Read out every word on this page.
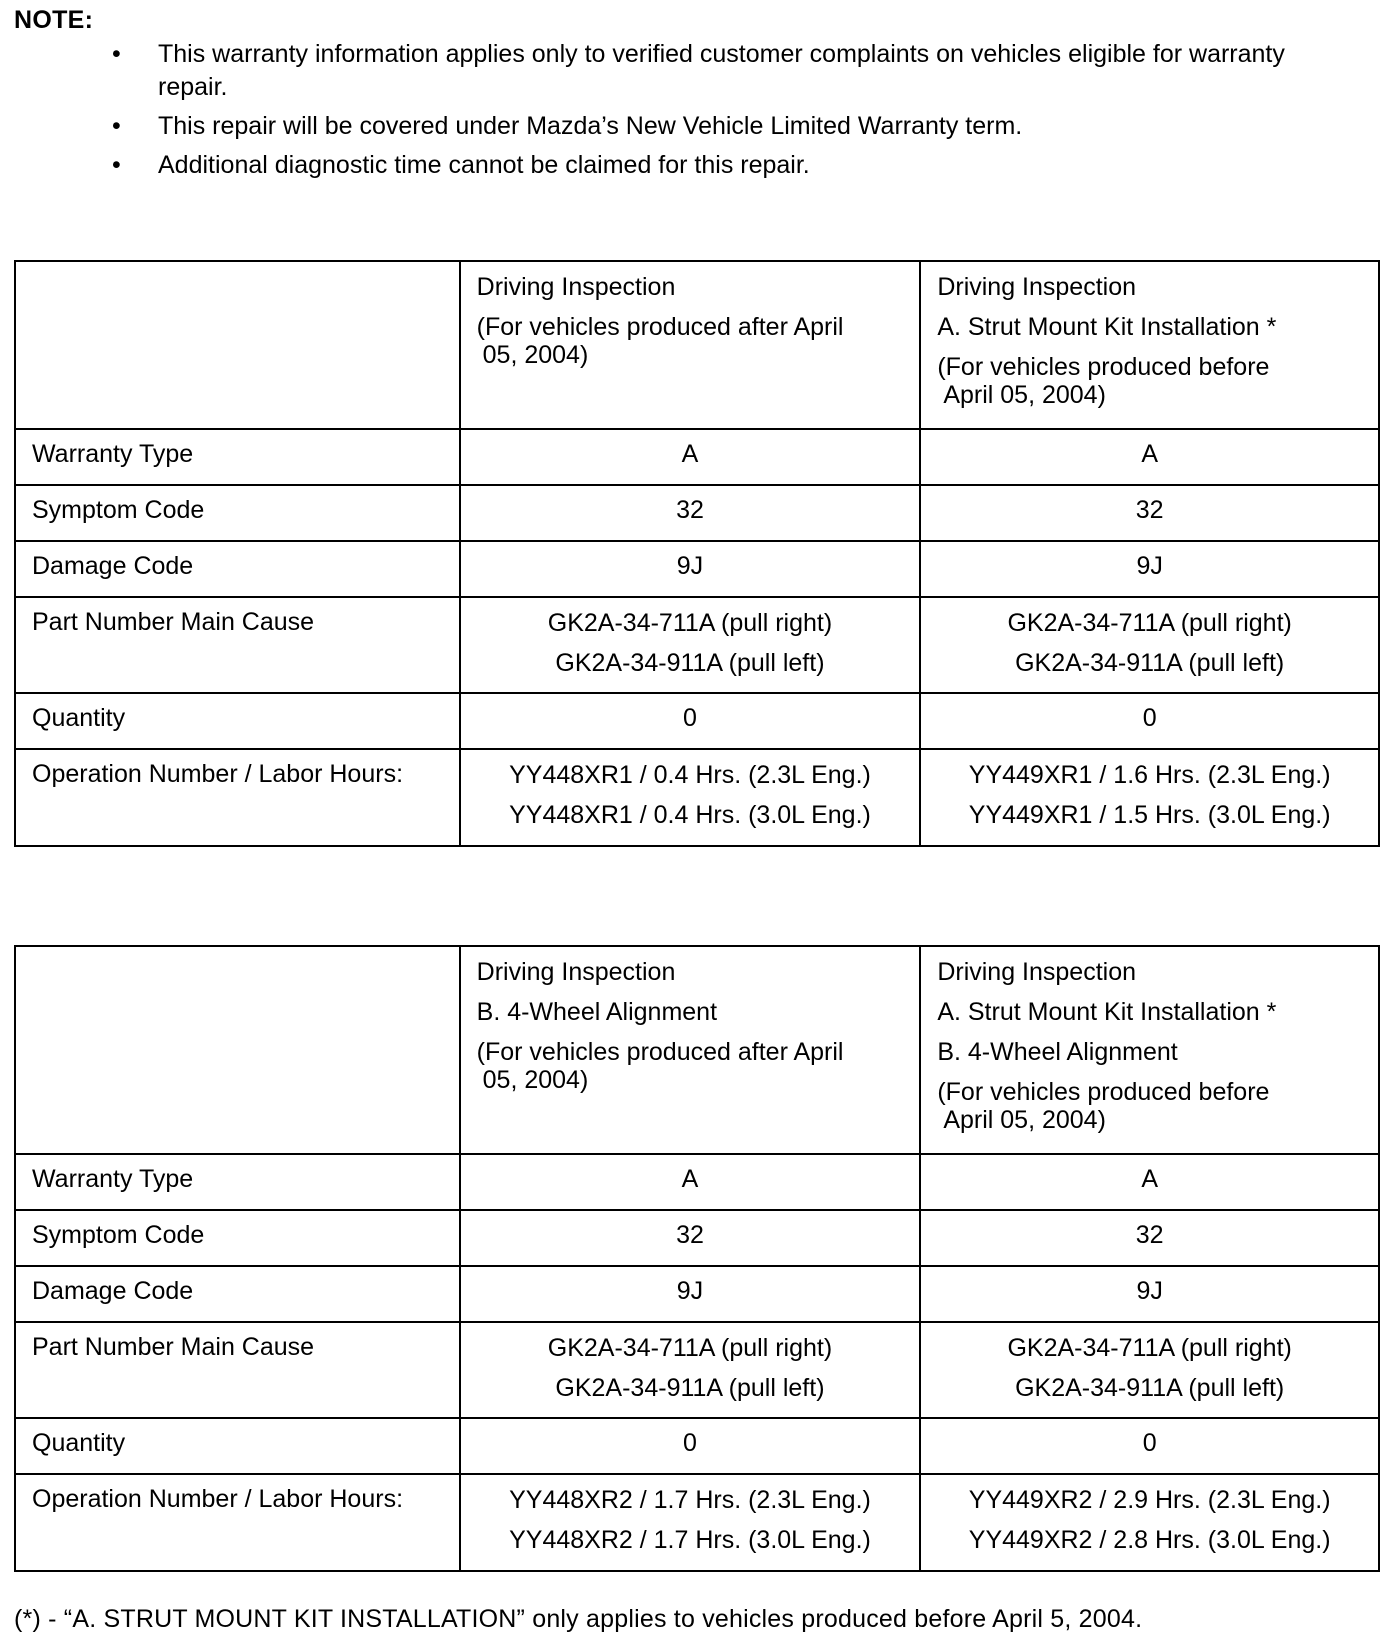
NOTE:
• This warranty information applies only to verified customer complaints on vehicles eligible for warranty repair.
• This repair will be covered under Mazda’s New Vehicle Limited Warranty term.
• Additional diagnostic time cannot be claimed for this repair.

	Driving Inspection
(For vehicles produced after April
05, 2004)	Driving Inspection
A. Strut Mount Kit Installation *
(For vehicles produced before
April 05, 2004)

Warranty Type	A	A
Symptom Code	32	32
Damage Code	9J	9J
Part Number Main Cause	GK2A-34-711A (pull right)
GK2A-34-911A (pull left)	GK2A-34-711A (pull right)
GK2A-34-911A (pull left)

Quantity	0	0
Operation Number / Labor Hours:	YY448XR1 / 0.4 Hrs. (2.3L Eng.)
YY448XR1 / 0.4 Hrs. (3.0L Eng.)	YY449XR1 / 1.6 Hrs. (2.3L Eng.)
YY449XR1 / 1.5 Hrs. (3.0L Eng.)

	Driving Inspection
B. 4-Wheel Alignment
(For vehicles produced after April
05, 2004)	Driving Inspection
A. Strut Mount Kit Installation *
B. 4-Wheel Alignment
(For vehicles produced before
April 05, 2004)

Warranty Type	A	A
Symptom Code	32	32
Damage Code	9J	9J
Part Number Main Cause	GK2A-34-711A (pull right)
GK2A-34-911A (pull left)	GK2A-34-711A (pull right)
GK2A-34-911A (pull left)

Quantity	0	0
Operation Number / Labor Hours:	YY448XR2 / 1.7 Hrs. (2.3L Eng.)
YY448XR2 / 1.7 Hrs. (3.0L Eng.)	YY449XR2 / 2.9 Hrs. (2.3L Eng.)
YY449XR2 / 2.8 Hrs. (3.0L Eng.)
(*) - “A. STRUT MOUNT KIT INSTALLATION” only applies to vehicles produced before April 5, 2004.
